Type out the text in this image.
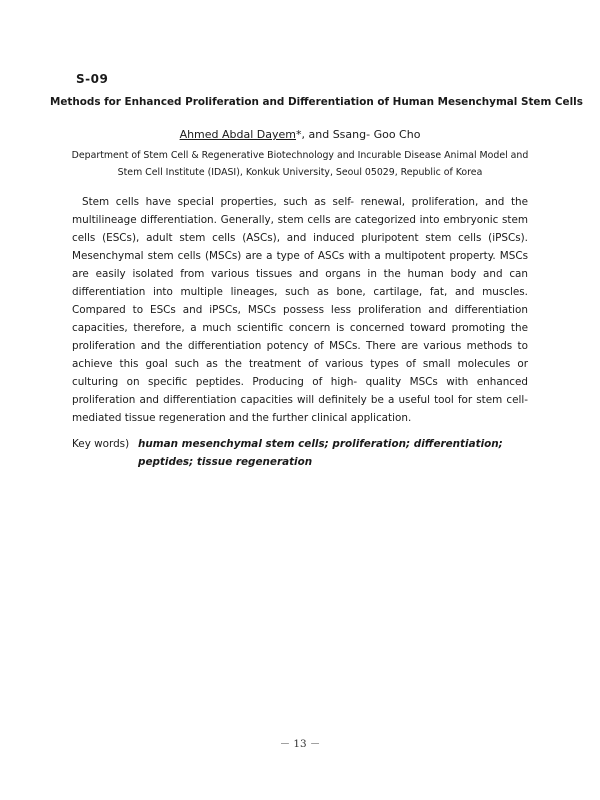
S-09
Methods for Enhanced Proliferation and Differentiation of Human Mesenchymal Stem Cells
Ahmed Abdal Dayem*, and Ssang- Goo Cho
Department of Stem Cell & Regenerative Biotechnology and Incurable Disease Animal Model and
Stem Cell Institute (IDASI), Konkuk University, Seoul 05029, Republic of Korea

Stem cells have special properties, such as self- renewal, proliferation, and the multilineage differentiation. Generally, stem cells are categorized into embryonic stem cells (ESCs), adult stem cells (ASCs), and induced pluripotent stem cells (iPSCs). Mesenchymal stem cells (MSCs) are a type of ASCs with a multipotent property. MSCs are easily isolated from various tissues and organs in the human body and can differentiation into multiple lineages, such as bone, cartilage, fat, and muscles. Compared to ESCs and iPSCs, MSCs possess less proliferation and differentiation capacities, therefore, a much scientific concern is concerned toward promoting the proliferation and the differentiation potency of MSCs. There are various methods to achieve this goal such as the treatment of various types of small molecules or culturing on specific peptides. Producing of high- quality MSCs with enhanced proliferation and differentiation capacities will definitely be a useful tool for stem cell- mediated tissue regeneration and the further clinical application.

Key words) human mesenchymal stem cells; proliferation; differentiation; peptides; tissue regeneration
－ 13 －
